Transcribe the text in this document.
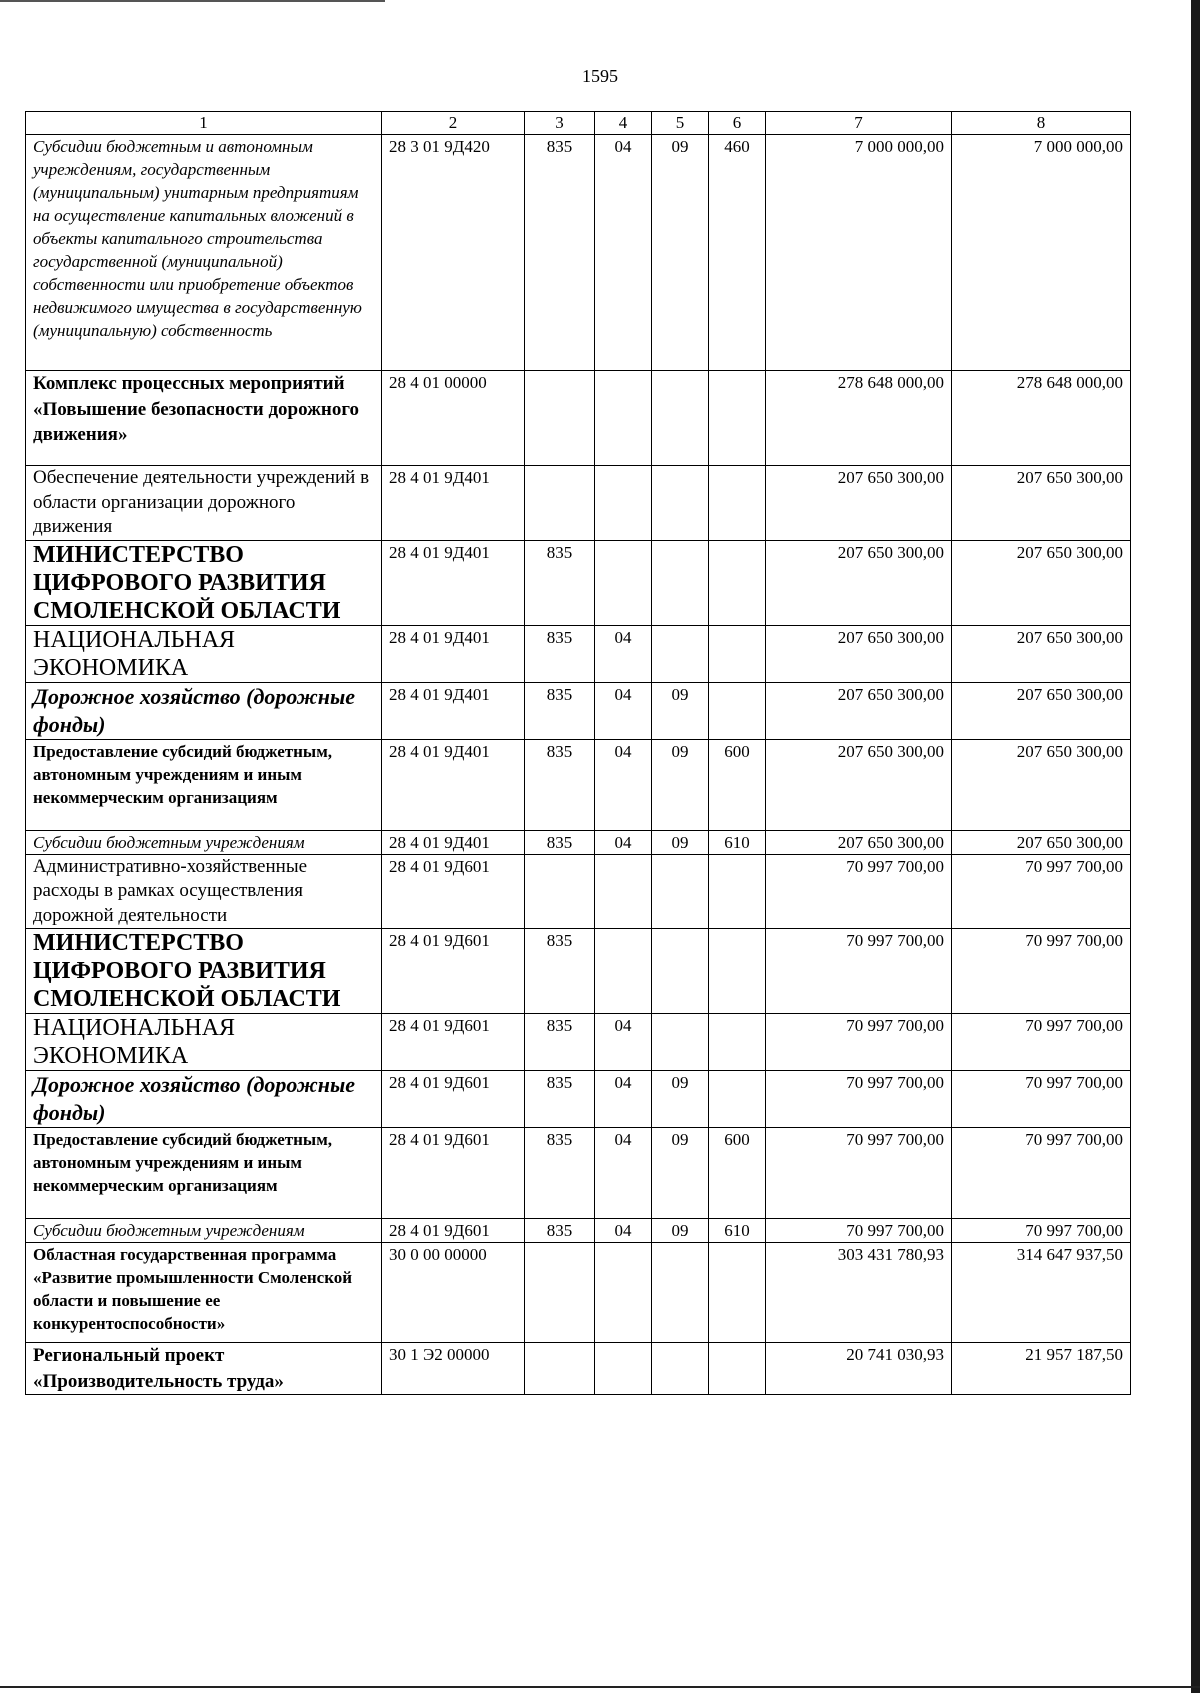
1595
1	2	3	4	5	6	7	8
Субсидии бюджетным и автономным учреждениям, государственным (муниципальным) унитарным предприятиям на осуществление капитальных вложений в объекты капитального строительства государственной (муниципальной) собственности или приобретение объектов недвижимого имущества в государственную (муниципальную) собственность	28 3 01 9Д420	835	04	09	460	7 000 000,00	7 000 000,00
Комплекс процессных мероприятий «Повышение безопасности дорожного движения»	28 4 01 00000					278 648 000,00	278 648 000,00
Обеспечение деятельности учреждений в области организации дорожного движения	28 4 01 9Д401					207 650 300,00	207 650 300,00
МИНИСТЕРСТВО ЦИФРОВОГО РАЗВИТИЯ СМОЛЕНСКОЙ ОБЛАСТИ	28 4 01 9Д401	835				207 650 300,00	207 650 300,00
НАЦИОНАЛЬНАЯ ЭКОНОМИКА	28 4 01 9Д401	835	04			207 650 300,00	207 650 300,00
Дорожное хозяйство (дорожные фонды)	28 4 01 9Д401	835	04	09		207 650 300,00	207 650 300,00
Предоставление субсидий бюджетным, автономным учреждениям и иным некоммерческим организациям	28 4 01 9Д401	835	04	09	600	207 650 300,00	207 650 300,00
Субсидии бюджетным учреждениям	28 4 01 9Д401	835	04	09	610	207 650 300,00	207 650 300,00
Административно-хозяйственные расходы в рамках осуществления дорожной деятельности	28 4 01 9Д601					70 997 700,00	70 997 700,00
МИНИСТЕРСТВО ЦИФРОВОГО РАЗВИТИЯ СМОЛЕНСКОЙ ОБЛАСТИ	28 4 01 9Д601	835				70 997 700,00	70 997 700,00
НАЦИОНАЛЬНАЯ ЭКОНОМИКА	28 4 01 9Д601	835	04			70 997 700,00	70 997 700,00
Дорожное хозяйство (дорожные фонды)	28 4 01 9Д601	835	04	09		70 997 700,00	70 997 700,00
Предоставление субсидий бюджетным, автономным учреждениям и иным некоммерческим организациям	28 4 01 9Д601	835	04	09	600	70 997 700,00	70 997 700,00
Субсидии бюджетным учреждениям	28 4 01 9Д601	835	04	09	610	70 997 700,00	70 997 700,00
Областная государственная программа «Развитие промышленности Смоленской области и повышение ее конкурентоспособности»	30 0 00 00000					303 431 780,93	314 647 937,50
Региональный проект «Производительность труда»	30 1 Э2 00000					20 741 030,93	21 957 187,50
